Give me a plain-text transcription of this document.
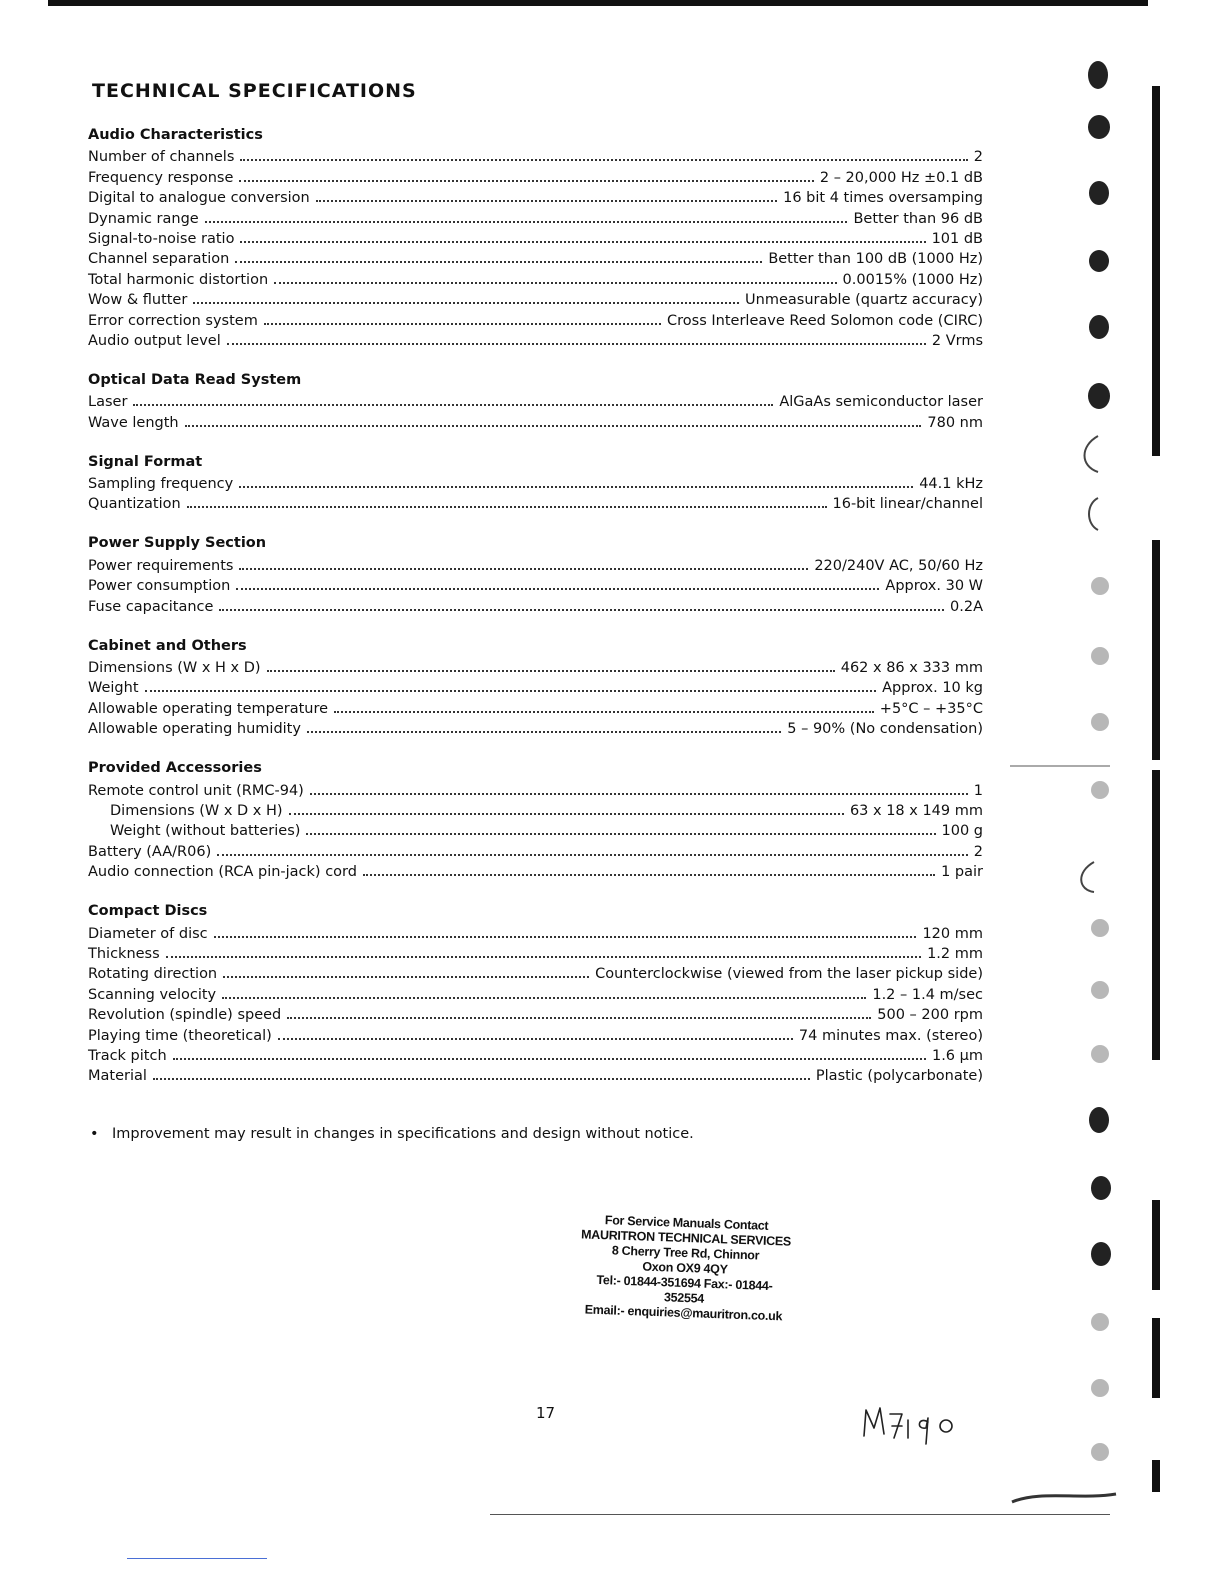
TECHNICAL SPECIFICATIONS
Audio Characteristics
Number of channels	2
Frequency response	2 – 20,000 Hz ±0.1 dB
Digital to analogue conversion	16 bit 4 times oversamping
Dynamic range	Better than 96 dB
Signal-to-noise ratio	101 dB
Channel separation	Better than 100 dB (1000 Hz)
Total harmonic distortion	0.0015% (1000 Hz)
Wow & flutter	Unmeasurable (quartz accuracy)
Error correction system	Cross Interleave Reed Solomon code (CIRC)
Audio output level	2 Vrms
Optical Data Read System
Laser	AlGaAs semiconductor laser
Wave length	780 nm
Signal Format
Sampling frequency	44.1 kHz
Quantization	16-bit linear/channel
Power Supply Section
Power requirements	220/240V AC, 50/60 Hz
Power consumption	Approx. 30 W
Fuse capacitance	0.2A
Cabinet and Others
Dimensions (W x H x D)	462 x 86 x 333 mm
Weight	Approx. 10 kg
Allowable operating temperature	+5°C – +35°C
Allowable operating humidity	5 – 90% (No condensation)
Provided Accessories
Remote control unit (RMC-94)	1
Dimensions (W x D x H)	63 x 18 x 149 mm
Weight (without batteries)	100 g
Battery (AA/R06)	2
Audio connection (RCA pin-jack) cord	1 pair
Compact Discs
Diameter of disc	120 mm
Thickness	1.2 mm
Rotating direction	Counterclockwise (viewed from the laser pickup side)
Scanning velocity	1.2 – 1.4 m/sec
Revolution (spindle) speed	500 – 200 rpm
Playing time (theoretical)	74 minutes max. (stereo)
Track pitch	1.6 µm
Material	Plastic (polycarbonate)
• Improvement may result in changes in specifications and design without notice.
For Service Manuals Contact
MAURITRON TECHNICAL SERVICES
8 Cherry Tree Rd, Chinnor
Oxon OX9 4QY
Tel:- 01844-351694 Fax:- 01844-352554
Email:- enquiries@mauritron.co.uk
17
